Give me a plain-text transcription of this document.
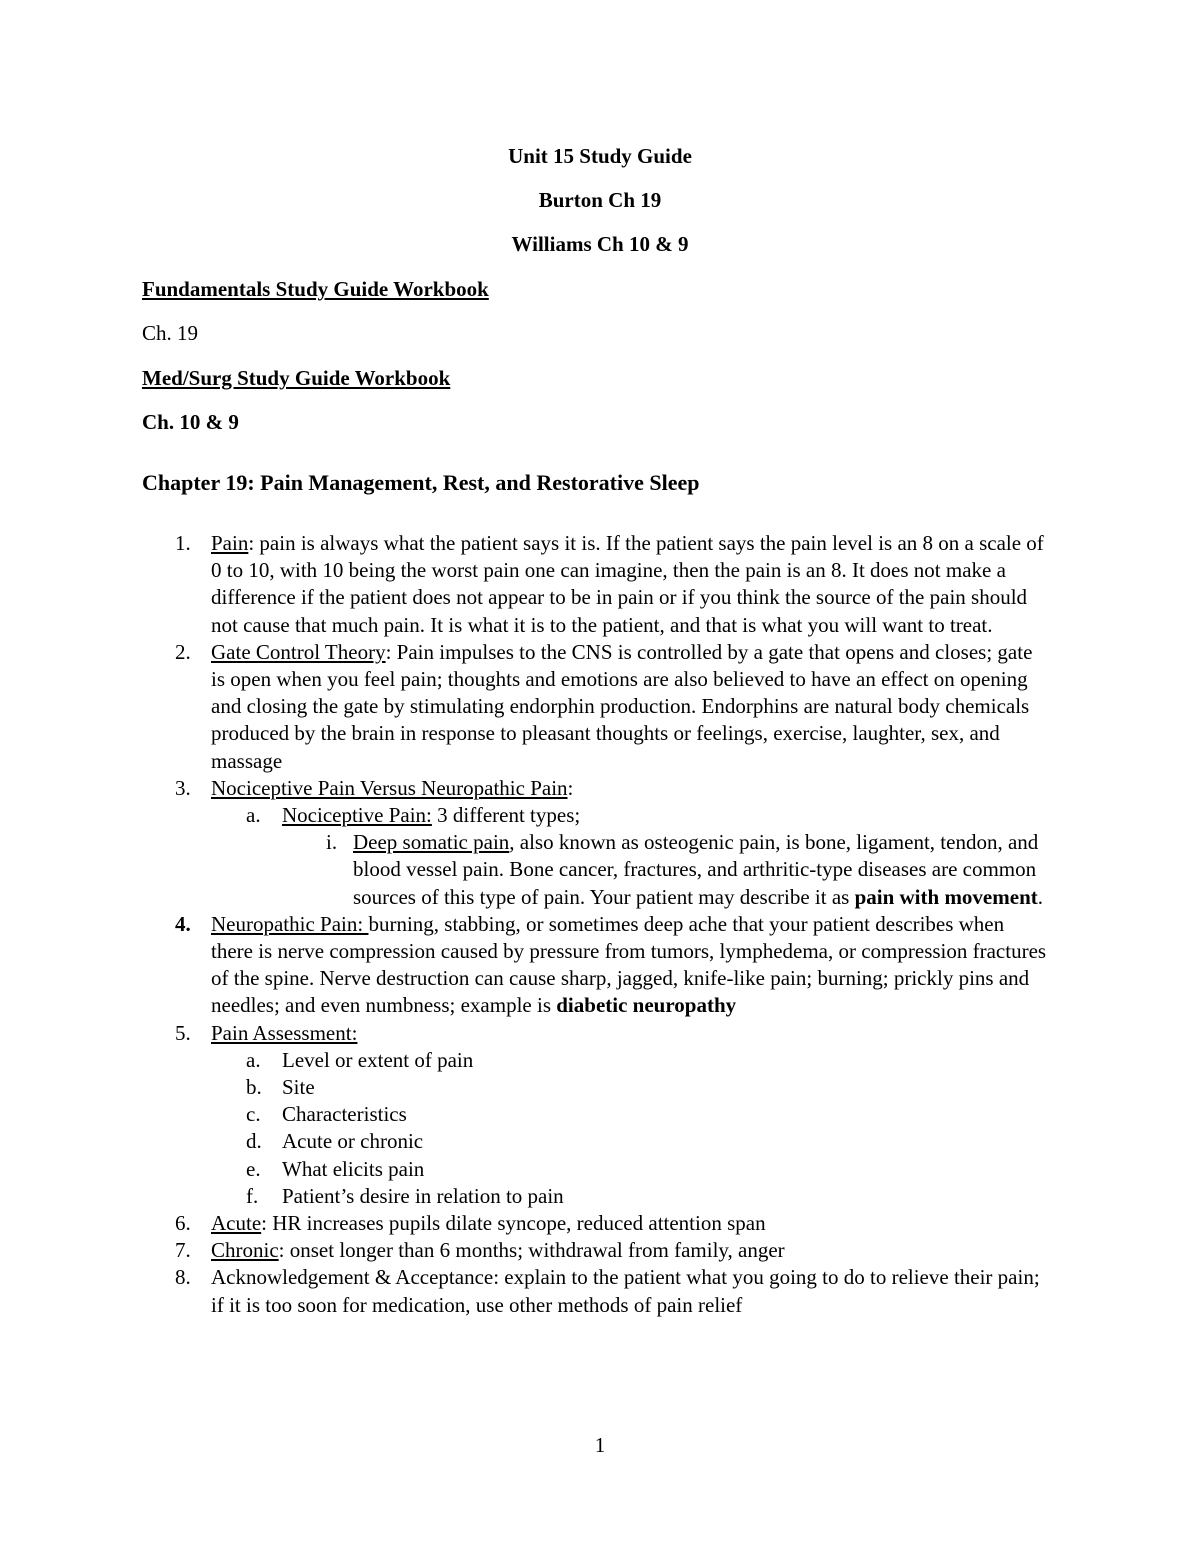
Unit 15 Study Guide
Burton Ch 19
Williams Ch 10 & 9
Fundamentals Study Guide Workbook
Ch. 19
Med/Surg Study Guide Workbook
Ch. 10 & 9
Chapter 19: Pain Management, Rest, and Restorative Sleep
1. Pain: pain is always what the patient says it is. If the patient says the pain level is an 8 on a scale of 0 to 10, with 10 being the worst pain one can imagine, then the pain is an 8. It does not make a difference if the patient does not appear to be in pain or if you think the source of the pain should not cause that much pain. It is what it is to the patient, and that is what you will want to treat.
2. Gate Control Theory: Pain impulses to the CNS is controlled by a gate that opens and closes; gate is open when you feel pain; thoughts and emotions are also believed to have an effect on opening and closing the gate by stimulating endorphin production. Endorphins are natural body chemicals produced by the brain in response to pleasant thoughts or feelings, exercise, laughter, sex, and massage
3. Nociceptive Pain Versus Neuropathic Pain:
a. Nociceptive Pain: 3 different types;
i. Deep somatic pain, also known as osteogenic pain, is bone, ligament, tendon, and blood vessel pain. Bone cancer, fractures, and arthritic-type diseases are common sources of this type of pain. Your patient may describe it as pain with movement.
4. Neuropathic Pain: burning, stabbing, or sometimes deep ache that your patient describes when there is nerve compression caused by pressure from tumors, lymphedema, or compression fractures of the spine. Nerve destruction can cause sharp, jagged, knife-like pain; burning; prickly pins and needles; and even numbness; example is diabetic neuropathy
5. Pain Assessment:
a. Level or extent of pain
b. Site
c. Characteristics
d. Acute or chronic
e. What elicits pain
f. Patient’s desire in relation to pain
6. Acute: HR increases pupils dilate syncope, reduced attention span
7. Chronic: onset longer than 6 months; withdrawal from family, anger
8. Acknowledgement & Acceptance: explain to the patient what you going to do to relieve their pain; if it is too soon for medication, use other methods of pain relief
1
